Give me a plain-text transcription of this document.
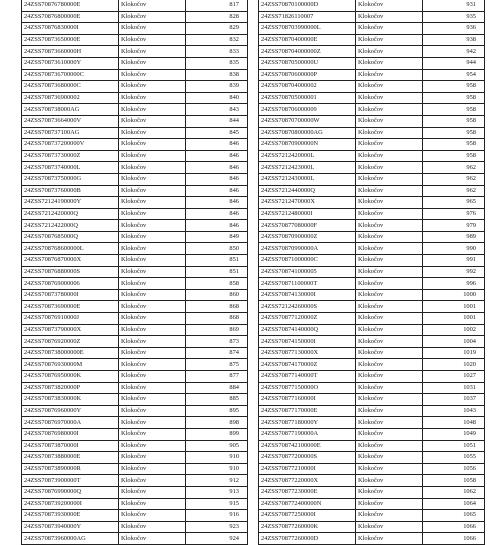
24ZSS70876780000E	Klokočov	817
24ZSS70876800000E	Klokočov	828
24ZSS70876830000I	Klokočov	829
24ZSS70873650000E	Klokočov	832
24ZSS70873660000H	Klokočov	833
24ZSS70873610000Y	Klokočov	835
24ZSS708736700000C	Klokočov	838
24ZSS70873680000C	Klokočov	839
24ZSS708736900002	Klokočov	840
24ZSS708738000AG	Klokočov	843
24ZSS70873664000V	Klokočov	844
24ZSS708737100AG	Klokočov	845
24ZSS708737200000V	Klokočov	846
24ZSS70873730000Z	Klokočov	846
24ZSS70873740000L	Klokočov	846
24ZSS70873750000G	Klokočov	846
24ZSS70873760000B	Klokočov	846
24ZSS72124190000Y	Klokočov	846
24ZSS7212420000Q	Klokočov	846
24ZSS7212422000Q	Klokočov	846
24ZSS7087685000Q	Klokočov	849
24ZSS708768600000L	Klokočov	850
24ZSS70876870000X	Klokočov	851
24ZSS70876880000S	Klokočov	851
24ZSS708769000006	Klokočov	858
24ZSS70873780000I	Klokočov	860
24ZSS70873690000E	Klokočov	868
24ZSS70876910000J	Klokočov	868
24ZSS70873790000X	Klokočov	869
24ZSS70876920000Z	Klokočov	873
24ZSS708738000000E	Klokočov	874
24ZSS70876930000M	Klokočov	875
24ZSS70876950000K	Klokočov	877
24ZSS70873820000P	Klokočov	884
24ZSS70873830000K	Klokočov	885
24ZSS70876960000Y	Klokočov	895
24ZSS70876970000A	Klokočov	898
24ZSS70876980000I	Klokočov	899
24ZSS70873870000I	Klokočov	905
24ZSS70873880000E	Klokočov	910
24ZSS70873890000R	Klokočov	910
24ZSS70873900000T	Klokočov	912
24ZSS70876990000Q	Klokočov	913
24ZSS708739200000I	Klokočov	915
24ZSS70873930000E	Klokočov	916
24ZSS70873940000Y	Klokočov	923
24ZSS70873960000AG	Klokočov	924
24ZSS70870100000D	Klokočov	931
24ZSS71826110007	Klokočov	935
24ZSS708703990000L	Klokočov	936
24ZSS70870400000E	Klokočov	938
24ZSS708704000000Z	Klokočov	942
24ZSS70870500000U	Klokočov	944
24ZSS70870600000P	Klokočov	954
24ZSS708704000002	Klokočov	958
24ZSS708705000001	Klokočov	958
24ZSS708706000009	Klokočov	958
24ZSS70870700000W	Klokočov	958
24ZSS70870800000AG	Klokočov	958
24ZSS70870900000N	Klokočov	958
24ZSS7212420000L	Klokočov	958
24ZSS7212423000L	Klokočov	962
24ZSS7212430000L	Klokočov	962
24ZSS7212440000Q	Klokočov	962
24ZSS7212470000X	Klokočov	965
24ZSS7212480000I	Klokočov	976
24ZSS70877080000F	Klokočov	979
24ZSS70870900000Z	Klokočov	989
24ZSS70870990000A	Klokočov	990
24ZSS70871000000C	Klokočov	991
24ZSS708741000005	Klokočov	992
24ZSS70871100000T	Klokočov	996
24ZSS70874130000I	Klokočov	1000
24ZSS72124260000S	Klokočov	1001
24ZSS70877120000Z	Klokočov	1001
24ZSS70874140000Q	Klokočov	1002
24ZSS70874150000I	Klokočov	1004
24ZSS70877130000X	Klokočov	1019
24ZSS70874170000Z	Klokočov	1020
24ZSS70877140000T	Klokočov	1027
24ZSS70877150000O	Klokočov	1031
24ZSS70877160000I	Klokočov	1037
24ZSS70877170000E	Klokočov	1043
24ZSS70877180000Y	Klokočov	1048
24ZSS70877190000A	Klokočov	1049
24ZSS708742100000E	Klokočov	1051
24ZSS70877200000S	Klokočov	1055
24ZSS70877210000I	Klokočov	1056
24ZSS70877220000X	Klokočov	1058
24ZSS70877230000E	Klokočov	1062
24ZSS708772400000N	Klokočov	1064
24ZSS70877250000I	Klokočov	1065
24ZSS70877260000K	Klokočov	1066
24ZSS70877260000D	Klokočov	1066
